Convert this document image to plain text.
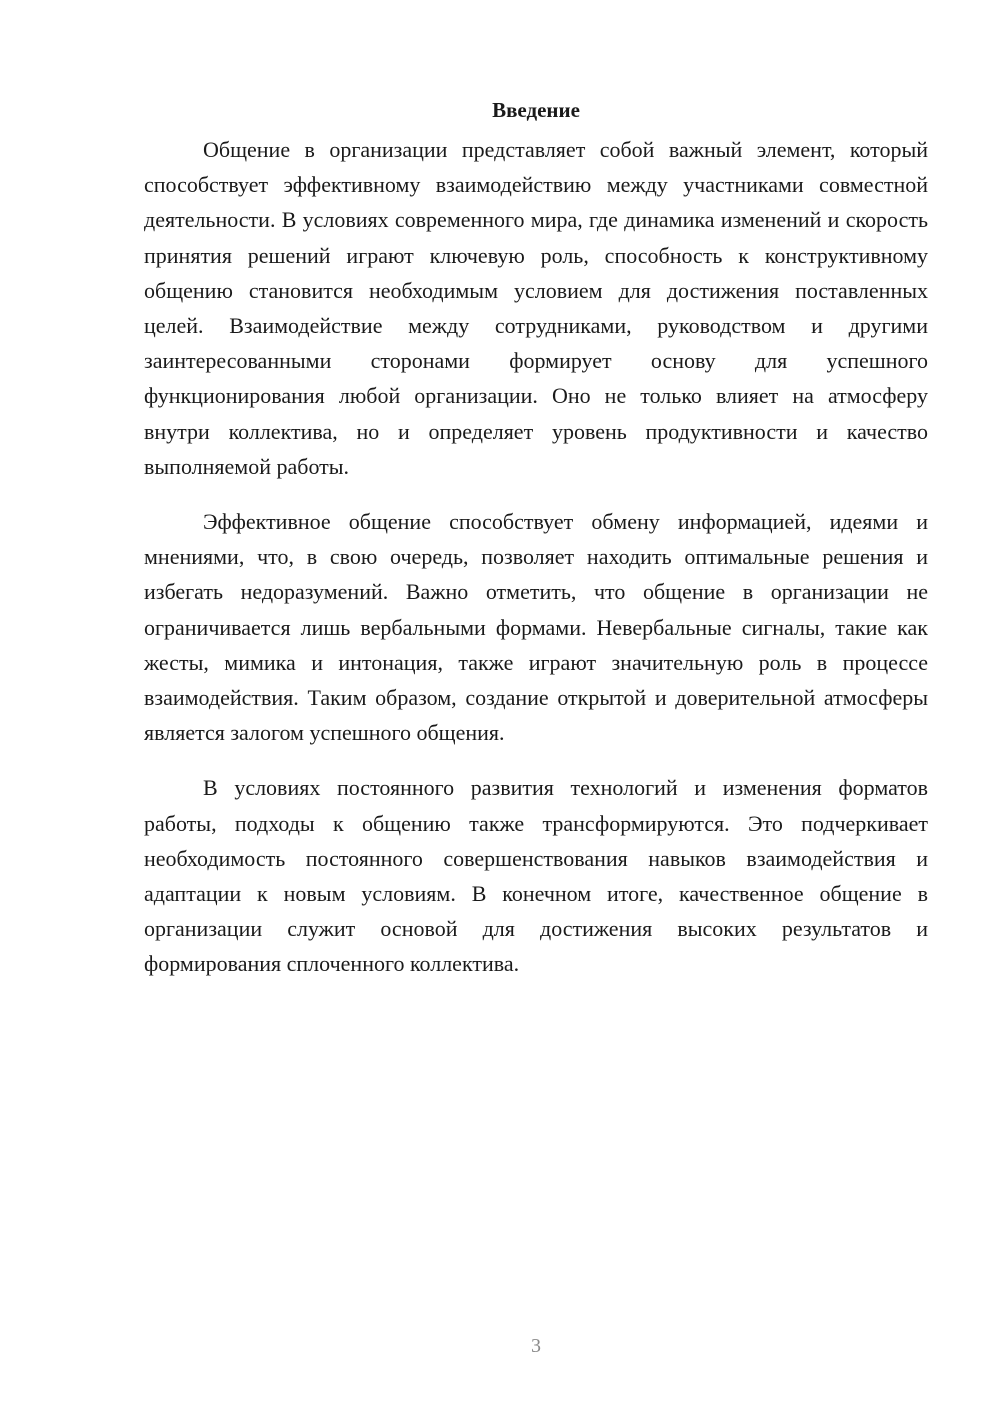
Введение

Общение в организации представляет собой важный элемент, который способствует эффективному взаимодействию между участниками совместной деятельности. В условиях современного мира, где динамика изменений и скорость принятия решений играют ключевую роль, способность к конструктивному общению становится необходимым условием для достижения поставленных целей. Взаимодействие между сотрудниками, руководством и другими заинтересованными сторонами формирует основу для успешного функционирования любой организации. Оно не только влияет на атмосферу внутри коллектива, но и определяет уровень продуктивности и качество выполняемой работы.

Эффективное общение способствует обмену информацией, идеями и мнениями, что, в свою очередь, позволяет находить оптимальные решения и избегать недоразумений. Важно отметить, что общение в организации не ограничивается лишь вербальными формами. Невербальные сигналы, такие как жесты, мимика и интонация, также играют значительную роль в процессе взаимодействия. Таким образом, создание открытой и доверительной атмосферы является залогом успешного общения.

В условиях постоянного развития технологий и изменения форматов работы, подходы к общению также трансформируются. Это подчеркивает необходимость постоянного совершенствования навыков взаимодействия и адаптации к новым условиям. В конечном итоге, качественное общение в организации служит основой для достижения высоких результатов и формирования сплоченного коллектива.

3
